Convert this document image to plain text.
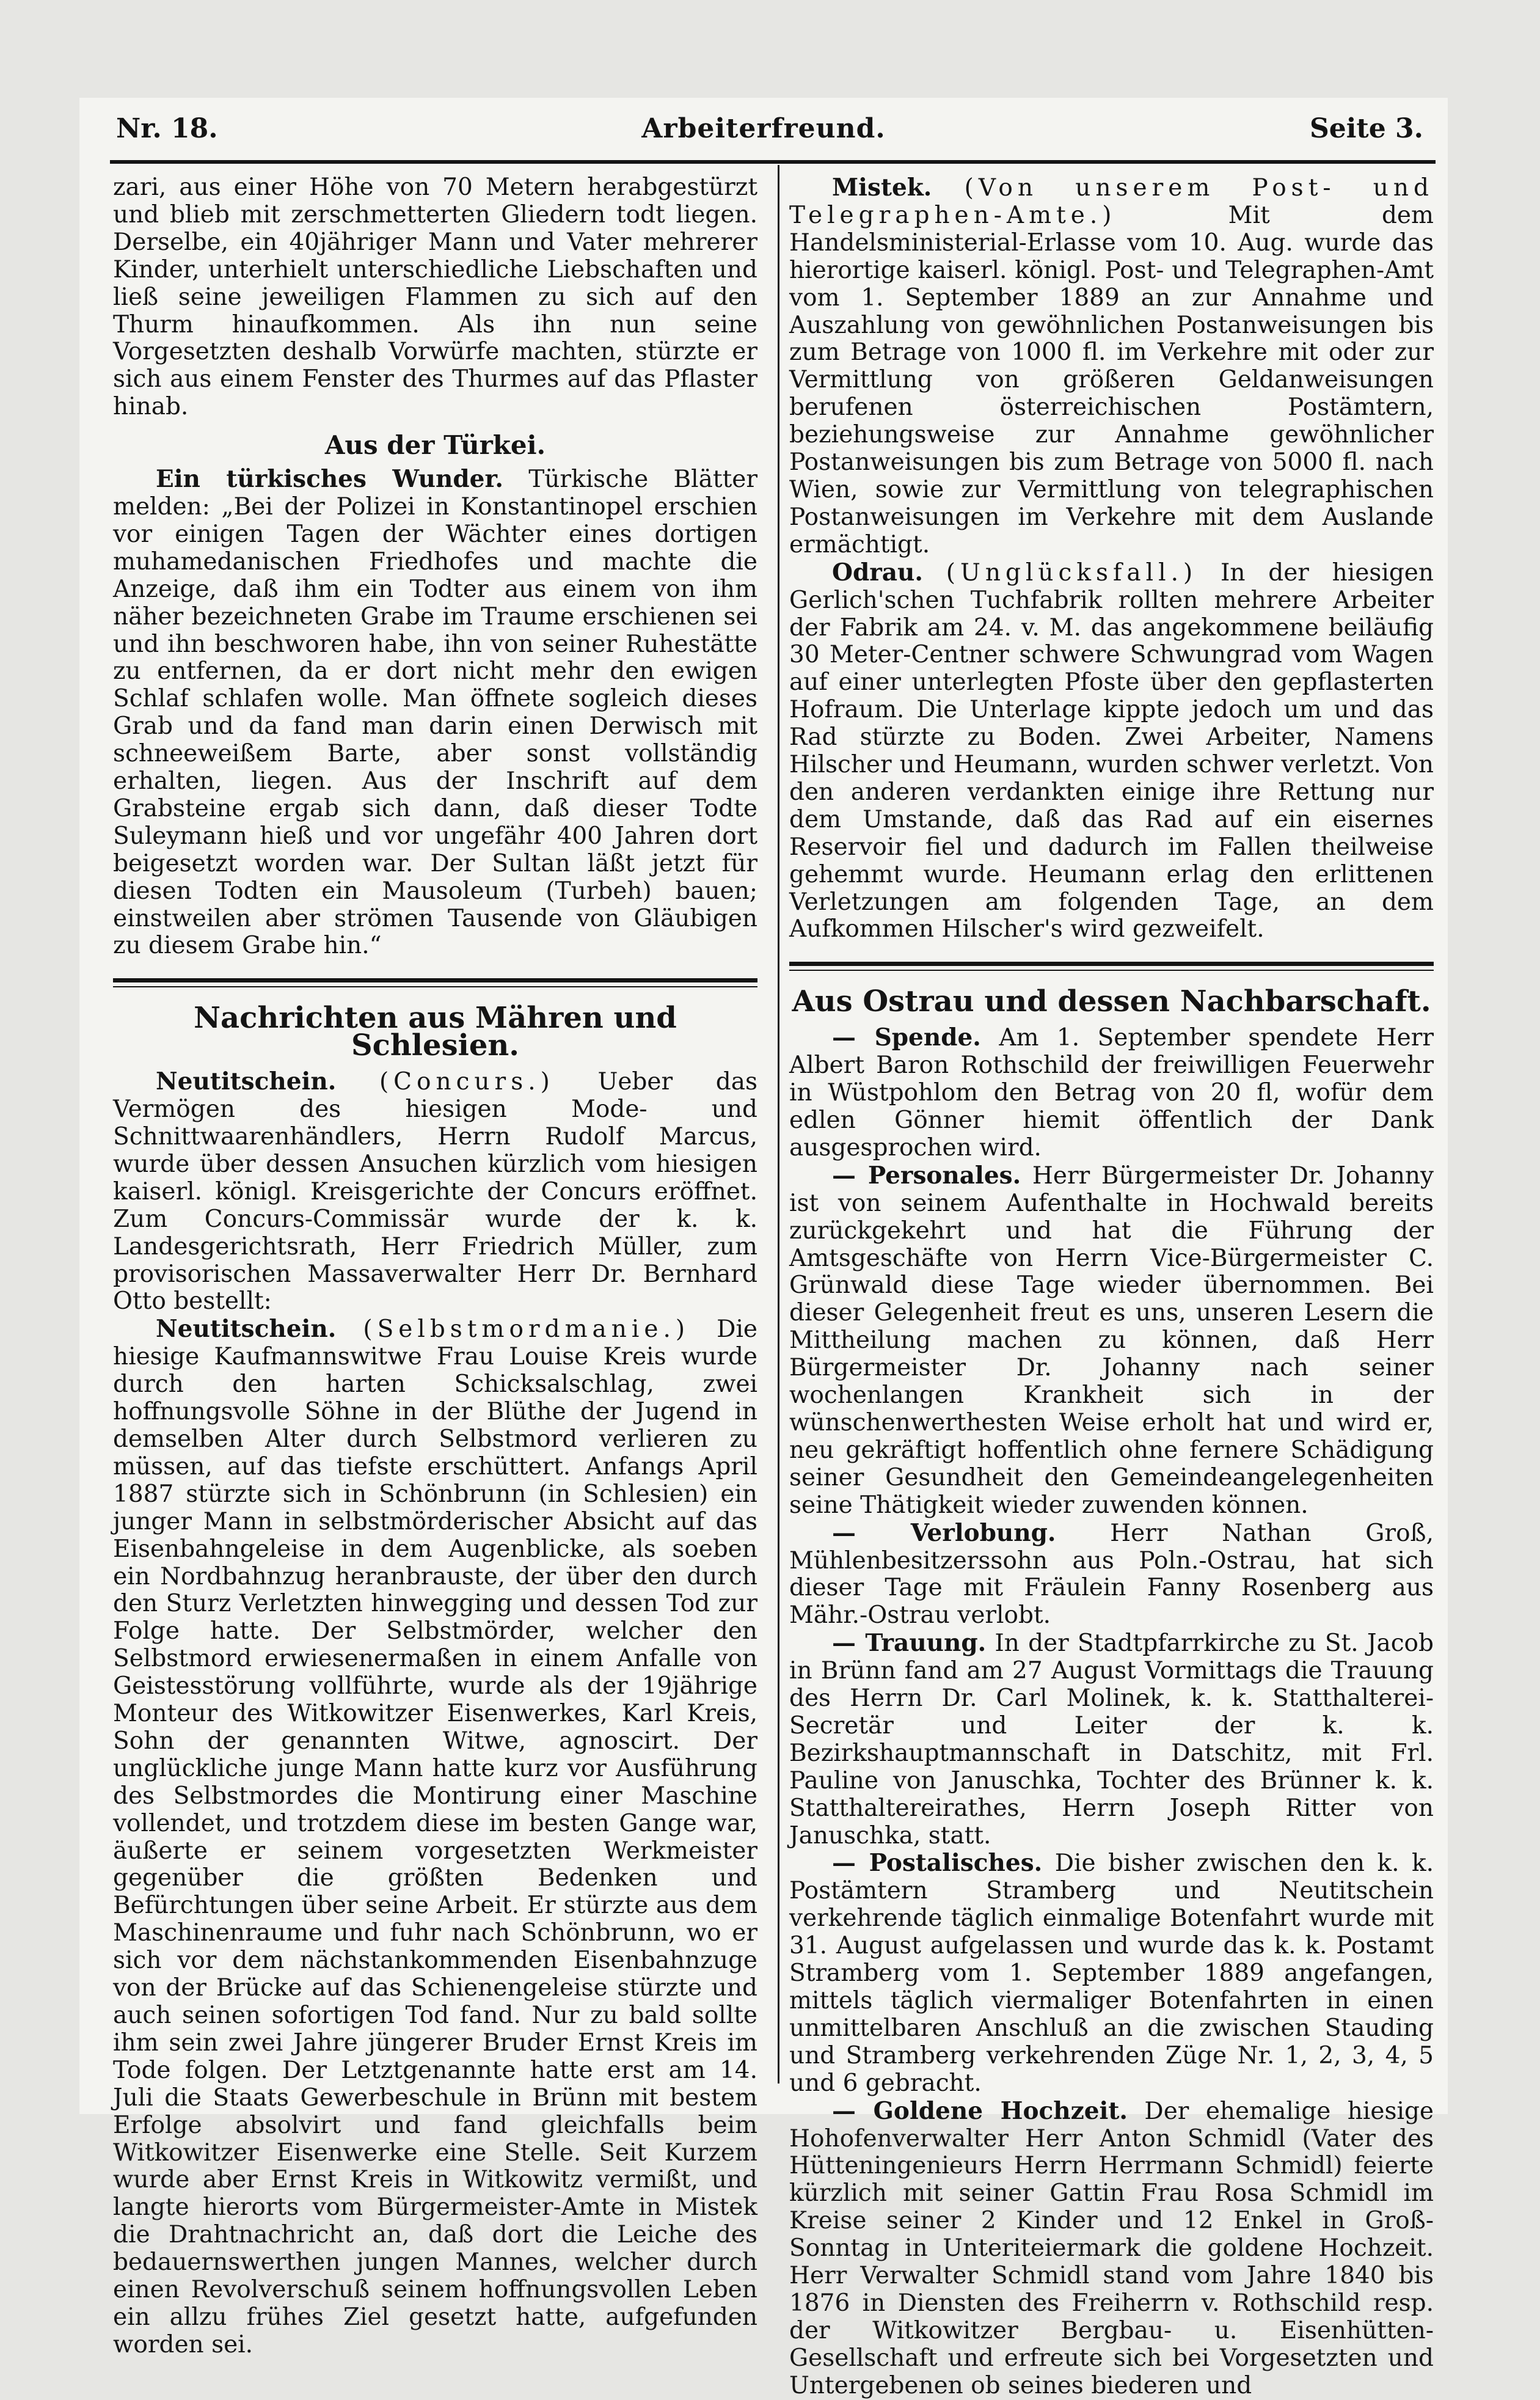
Nr. 18.	Arbeiterfreund.	Seite 3.

zari, aus einer Höhe von 70 Metern herabgestürzt und blieb mit zerschmetterten Gliedern todt liegen. Derselbe, ein 40jähriger Mann und Vater mehrerer Kinder, unterhielt unterschiedliche Liebschaften und ließ seine jeweiligen Flammen zu sich auf den Thurm hinaufkommen. Als ihn nun seine Vorgesetzten deshalb Vorwürfe machten, stürzte er sich aus einem Fenster des Thurmes auf das Pflaster hinab.

Aus der Türkei.

Ein türkisches Wunder. Türkische Blätter melden: „Bei der Polizei in Konstantinopel erschien vor einigen Tagen der Wächter eines dortigen muhamedanischen Friedhofes und machte die Anzeige, daß ihm ein Todter aus einem von ihm näher bezeichneten Grabe im Traume erschienen sei und ihn beschworen habe, ihn von seiner Ruhestätte zu entfernen, da er dort nicht mehr den ewigen Schlaf schlafen wolle. Man öffnete sogleich dieses Grab und da fand man darin einen Derwisch mit schneeweißem Barte, aber sonst vollständig erhalten, liegen. Aus der Inschrift auf dem Grabsteine ergab sich dann, daß dieser Todte Suleymann hieß und vor ungefähr 400 Jahren dort beigesetzt worden war. Der Sultan läßt jetzt für diesen Todten ein Mausoleum (Turbeh) bauen; einstweilen aber strömen Tausende von Gläubigen zu diesem Grabe hin.“

Nachrichten aus Mähren und Schlesien.

Neutitschein. (Concurs.) Ueber das Vermögen des hiesigen Mode- und Schnittwaarenhändlers, Herrn Rudolf Marcus, wurde über dessen Ansuchen kürzlich vom hiesigen kaiserl. königl. Kreisgerichte der Concurs eröffnet. Zum Concurs-Commissär wurde der k. k. Landesgerichtsrath, Herr Friedrich Müller, zum provisorischen Massaverwalter Herr Dr. Bernhard Otto bestellt:

Neutitschein. (Selbstmordmanie.) Die hiesige Kaufmannswitwe Frau Louise Kreis wurde durch den harten Schicksalschlag, zwei hoffnungsvolle Söhne in der Blüthe der Jugend in demselben Alter durch Selbstmord verlieren zu müssen, auf das tiefste erschüttert. Anfangs April 1887 stürzte sich in Schönbrunn (in Schlesien) ein junger Mann in selbstmörderischer Absicht auf das Eisenbahngeleise in dem Augenblicke, als soeben ein Nordbahnzug heranbrauste, der über den durch den Sturz Verletzten hinwegging und dessen Tod zur Folge hatte. Der Selbstmörder, welcher den Selbstmord erwiesenermaßen in einem Anfalle von Geistesstörung vollführte, wurde als der 19jährige Monteur des Witkowitzer Eisenwerkes, Karl Kreis, Sohn der genannten Witwe, agnoscirt. Der unglückliche junge Mann hatte kurz vor Ausführung des Selbstmordes die Montirung einer Maschine vollendet, und trotzdem diese im besten Gange war, äußerte er seinem vorgesetzten Werkmeister gegenüber die größten Bedenken und Befürchtungen über seine Arbeit. Er stürzte aus dem Maschinenraume und fuhr nach Schönbrunn, wo er sich vor dem nächstankommenden Eisenbahnzuge von der Brücke auf das Schienengeleise stürzte und auch seinen sofortigen Tod fand. Nur zu bald sollte ihm sein zwei Jahre jüngerer Bruder Ernst Kreis im Tode folgen. Der Letztgenannte hatte erst am 14. Juli die Staats Gewerbeschule in Brünn mit bestem Erfolge absolvirt und fand gleichfalls beim Witkowitzer Eisenwerke eine Stelle. Seit Kurzem wurde aber Ernst Kreis in Witkowitz vermißt, und langte hierorts vom Bürgermeister-Amte in Mistek die Drahtnachricht an, daß dort die Leiche des bedauernswerthen jungen Mannes, welcher durch einen Revolverschuß seinem hoffnungsvollen Leben ein allzu frühes Ziel gesetzt hatte, aufgefunden worden sei.

Mistek. (Von unserem Post- und Telegraphen-Amte.)	Mit dem Handelsministerial-Erlasse vom 10. Aug. wurde das hierortige kaiserl. königl. Post- und Telegraphen-Amt vom 1. September 1889 an zur Annahme und Auszahlung von gewöhnlichen Postanweisungen bis zum Betrage von 1000 fl. im Verkehre mit oder zur Vermittlung von größeren Geldanweisungen berufenen österreichischen Postämtern, beziehungsweise zur Annahme gewöhnlicher Postanweisungen bis zum Betrage von 5000 fl. nach Wien, sowie zur Vermittlung von telegraphischen Postanweisungen im Verkehre mit dem Auslande ermächtigt.

Odrau. (Unglücksfall.) In der hiesigen Gerlich'schen Tuchfabrik rollten mehrere Arbeiter der Fabrik am 24. v. M. das angekommene beiläufig 30 Meter-Centner schwere Schwungrad vom Wagen auf einer unterlegten Pfoste über den gepflasterten Hofraum. Die Unterlage kippte jedoch um und das Rad stürzte zu Boden. Zwei Arbeiter, Namens Hilscher und Heumann, wurden schwer verletzt. Von den anderen verdankten einige ihre Rettung nur dem Umstande, daß das Rad auf ein eisernes Reservoir fiel und dadurch im Fallen theilweise gehemmt wurde. Heumann erlag den erlittenen Verletzungen am folgenden Tage, an dem Aufkommen Hilscher's wird gezweifelt.

Aus Ostrau und dessen Nachbarschaft.

— Spende. Am 1. September spendete Herr Albert Baron Rothschild der freiwilligen Feuerwehr in Wüstpohlom den Betrag von 20 fl, wofür dem edlen Gönner hiemit öffentlich der Dank ausgesprochen wird.

— Personales. Herr Bürgermeister Dr. Johanny ist von seinem Aufenthalte in Hochwald bereits zurückgekehrt und hat die Führung der Amtsgeschäfte von Herrn Vice-Bürgermeister C. Grünwald diese Tage wieder übernommen. Bei dieser Gelegenheit freut es uns, unseren Lesern die Mittheilung machen zu können, daß Herr Bürgermeister Dr. Johanny nach seiner wochenlangen Krankheit sich in der wünschenwerthesten Weise erholt hat und wird er, neu gekräftigt hoffentlich ohne fernere Schädigung seiner Gesundheit den Gemeindeangelegenheiten seine Thätigkeit wieder zuwenden können.

— Verlobung. Herr Nathan Groß, Mühlenbesitzerssohn aus Poln.-Ostrau, hat sich dieser Tage mit Fräulein Fanny Rosenberg aus Mähr.-Ostrau verlobt.

— Trauung. In der Stadtpfarrkirche zu St. Jacob in Brünn fand am 27 August Vormittags die Trauung des Herrn Dr. Carl Molinek, k. k. Statthalterei-Secretär und Leiter der k. k. Bezirkshauptmannschaft in Datschitz, mit Frl. Pauline von Januschka, Tochter des Brünner k. k. Statthaltereirathes, Herrn Joseph Ritter von Januschka, statt.

— Postalisches. Die bisher zwischen den k. k. Postämtern Stramberg und Neutitschein verkehrende täglich einmalige Botenfahrt wurde mit 31. August aufgelassen und wurde das k. k. Postamt Stramberg vom 1. September 1889 angefangen, mittels täglich viermaliger Botenfahrten in einen unmittelbaren Anschluß an die zwischen Stauding und Stramberg verkehrenden Züge Nr. 1, 2, 3, 4, 5 und 6 gebracht.

— Goldene Hochzeit. Der ehemalige hiesige Hohofenverwalter Herr Anton Schmidl (Vater des Hütteningenieurs Herrn Herrmann Schmidl) feierte kürzlich mit seiner Gattin Frau Rosa Schmidl im Kreise seiner 2 Kinder und 12 Enkel in Groß-Sonntag in Unteriteiermark die goldene Hochzeit. Herr Verwalter Schmidl stand vom Jahre 1840 bis 1876 in Diensten des Freiherrn v. Rothschild resp. der Witkowitzer Bergbau- u. Eisenhütten-Gesellschaft und erfreute sich bei Vorgesetzten und Untergebenen ob seines biederen und
